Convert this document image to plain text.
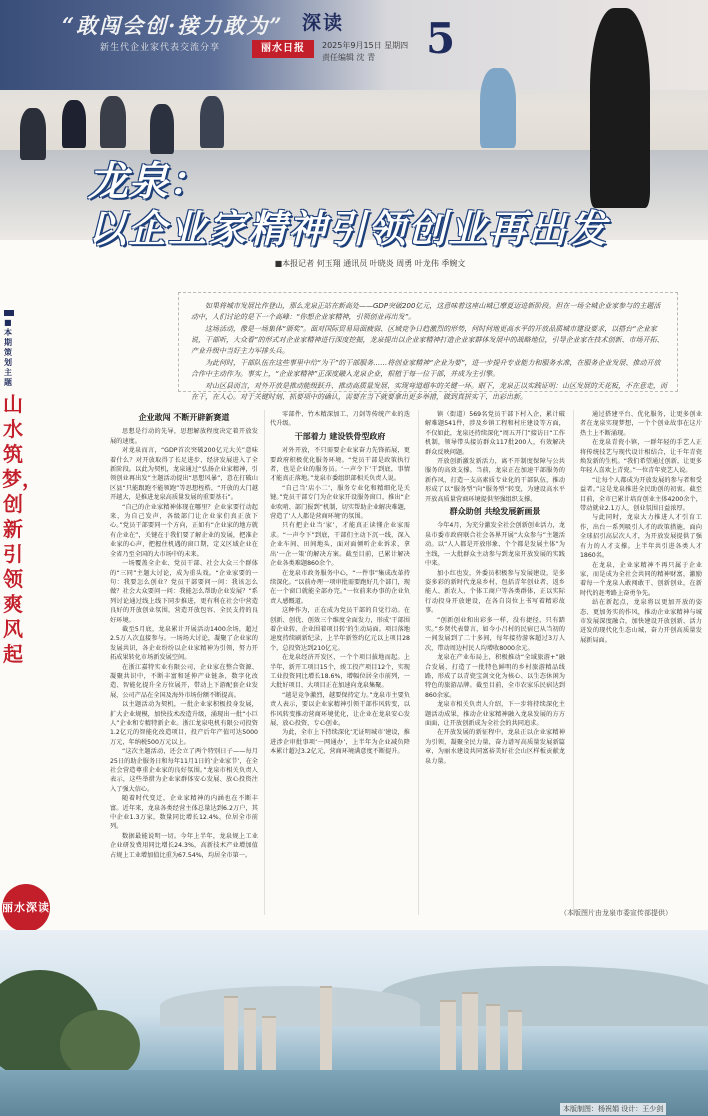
“敢闯会创·接力敢为”
新生代企业家代表交流分享
深读
丽水日报	2025年9月15日 星期四
责任编辑 沈 青 5
龙泉：
以企业家精神引领创业再出发
■本报记者 何玉翔 通讯员 叶晓炎 周勇 叶龙伟 季婉文

如果将城市发展比作登山，那么龙泉正站在新高处——GDP突破200亿元，这意味着这座山城已摩夏迈进新阶段。但在一场全城企业家参与的主题活动中，人们讨论的是下一个高峰：“你想企业家精神，引领创业再出发”。

这场活动，像是一场集体“颁奖”。面对国际贸易局面疲弱、区域竞争日趋激烈的形势，何时何地更高水平的开放品质城市建设要求，以搭台“企业家说，干部听，大众看”的形式对企业家精神进行深度挖掘，龙泉提出以企业家精神打造企业家群体发展中的战略地位，引导企业家在技术创新、市场开拓、产业升级中当好主力军排头兵。

为此何时，干部队伍在这些事里中给“为干”的干部服务……将创业家精神“企业为要”，进一步提升专业能力和服务水准，在服务企业发展、推动开放合作中主动作为。事实上，“企业家精神”正深度融入龙泉企业，根植于每一位干部，并成为主引擎。

对山区县而言，对外开放是推动能级跃升、推动高质量发展、实现弯道超车的关键一环。眼下，龙泉正以实践证明：山区发展的天花板，不在意走，而在干，在人心。对于关键时刻、抓要项中的确认，需要在当下就要拿出更多举措，做到真拼实干、出彩出新。

■本期策划主题
山水筑梦，创新引领爽风起
丽水深读

企业敢闯 不断开辟新赛道

思想是行动的先导，思想解放程度决定着开放发展的速度。

对龙泉而言，“GDP首次突破200亿元大关”意味着什么？对开放取得了长足进步，经济发展进入了全新阶段。以此为契机，龙泉通过“弘扬企业家精神，引领创业再出发”主题活动提出“思想风暴”，意在打破山区县“只能跟跑不能领跑”等思想桎梏，“开放的大门越开越大，是推进龙泉高质量发展的重要基石”。

“自己的企业家精神体现在哪里？企业家要行动起来，为自己发声，各级部门让企业家们真正放下心。”党员干部要同一个方向，正如有“企业家的地方就有企业在”，关键在于我们要了解企业的发展，把准企业家的心声，把握住机遇的窗口期，定义区域企业在全省乃至全国的大市场中的未来。

一场覆盖全企业、党员干部、社会大众三个群体的“三同”主题大讨论，成为重头戏。“企业家要的一句：我要怎么创业？党员干部要问一问：我该怎么做？社会大众要问一问：我能怎么帮助企业发展？”系列讨论通过线上线下同步推进，更有利在社会中营造良好的开放创业氛围，营造开放包容、全民支持的良好环境。

截至5月底，龙泉累计开展活动1400余场，超过2.5万人次直接参与。一场场大讨论，凝聚了企业家的发展共识，各企业纷纷以企业家精神为引领，努力开拓成果转化市场新发展空间。

在浙江嘉特实业有限公司，企业家在整合资源、凝聚共识中，不断丰富和延伸产业链条，数字化改造、智能化提升全方位展开，带动上下游配套企业发展，公司产品在全国及海外市场份额不断提高。

以主题活动为契机，一批企业家积极投身发展，扩大企业规模，加快技术改造升级，涌现出一批“小巨人”企业和专精特新企业。浙江龙泉电机有限公司投资1.2亿元的智能化改造项目，投产后年产值可达5000万元，年纳税500万元以上。

“这次主题活动，还会立了两个特别日子——每月25日的助企服务日和每年11月1日的‘企业家节’，在全社会营造尊重企业家的良好氛围。”龙泉市相关负责人表示，这些举措为企业家群体安心发展、放心投资注入了强大信心。

随着时代变迁，企业家精神的内涵也在不断丰富。近年来，龙泉各类经营主体总量达到6.2万户，其中企业1.3万家，数量同比增长12.4%，位居全市前列。

数据最能说明一切。今年上半年，龙泉规上工业企业研发费用同比增长24.3%，高新技术产业增加值占规上工业增加值比重为67.54%，均居全市第一。

零部件、竹木精深加工、刀剑等传统产业的迭代升级。

干部着力 建设铁骨型政府

对外开放，不只需要企业家奋力先锋拓展，更要政府积极优化服务环境。“党员干部是政策执行者，也是企业的服务员。‘一声令下’干到底，事情才能真正落地。”龙泉市委组织部相关负责人说。

“自己当‘店小二’，服务专业化和精细化是关键。”党员干部专门为企业家开设服务窗口，推出“企业吹哨、部门报到”机制，切实帮助企业解决难题，营造了‘人人都是营商环境’的氛围。

只有把企业当‘家’，才能真正读懂企业家需求。“一声令下”到底，干部们主动下沉一线，深入企业车间、田间地头，面对面倾听企业诉求，拿出‘一企一策’的解决方案。截至目前，已累计解决企业各类难题860余个。

在龙泉市政务服务中心，“一件事”集成改革持续深化。“以前办理一项审批需要跑好几个部门，现在一个窗口就能全部办完。”一位前来办事的企业负责人感慨道。

这种作为，正在成为党员干部的自觉行动。在创新、创优、创效三个维度全面发力，形成‘干部围着企业转、企业围着项目转’的生动局面。项目落地速度持续刷新纪录，上半年新签约亿元以上项目28个，总投资达到210亿元。

在龙泉经济开发区，一个个项目拔地而起。上半年，新开工项目15个，竣工投产项目12个，实现工业投资同比增长18.6%，增幅位居全市前列，一大批好项目、大项目正在加速向龙泉集聚。

“越是竞争激烈，越要保持定力。”龙泉市主要负责人表示，要以企业家精神引领干部作风转变，以作风转变推动营商环境优化，让企业在龙泉安心发展、放心投资、专心创业。

为此，全市上下持续深化‘无证明城市’建设，推进涉企审批事项‘一网通办’，上半年为企业减负降本累计超过3.2亿元，营商环境满意度不断提升。

镇（街道）569名党员干部下村入企，累计破解难题541件，涉及乡镇工程和村庄建设等方面，不仅如此，龙泉还持续深化“周五开门”接访日“工作机制，领导带头接访群众117批200人，有效解决群众反映问题。

开放创新激发新活力，离不开制度保障与公共服务的高效支撑。当前，龙泉正在加速干部服务的新作风，打造一支高素质专业化的干部队伍，推动形成了以“服务型”向“服务型”转变，为建设高水平开放高质量营商环境提供坚强组织支撑。

群众助创 共绘发展新画景

今年4月，为充分激发全社会创新创业活力，龙泉市委市政府联合社会各界开展“大众参与”主题活动。以“人人都是开放形象、个个都是发展主体”为主线，一大批群众主动参与到龙泉开放发展的实践中来。

加小红也发，外委员积极参与发展建设，是多姿多彩的新时代龙泉乡村，包括青年创业者、返乡能人、新农人、个体工商户等各类群体，正以实际行动投身开放建设，在各自岗位上书写着精彩故事。

“创新创业和出彩多一样，没有捷径，只有踏实。”乡贤代表曾言，如今小吕村的民宿已从当初的一间发展到了二十多间，每年接待游客超过3万人次，带动周边村民人均增收8000余元。

龙泉在产业布局上，积极推动“全域旅游+”融合发展，打造了一批特色鲜明的乡村旅游精品线路，形成了以青瓷宝剑文化为核心、以生态休闲为特色的旅游品牌。截至目前，全市农家乐民宿达到860余家。

龙泉市相关负责人介绍，下一步将持续深化主题活动成果，推动企业家精神融入龙泉发展的方方面面，让开放创新成为全社会的共同追求。

在开放发展的新征程中，龙泉正以企业家精神为引领，凝聚全民力量，奋力谱写高质量发展新篇章，为丽水建设共同富裕美好社会山区样板贡献龙泉力量。

通过搭建平台、优化服务，让更多创业者在龙泉实现梦想，一个个创业故事在这片热土上不断涌现。

在龙泉青瓷小镇，一群年轻的手艺人正将传统技艺与现代设计相结合，让千年青瓷焕发新的生机。“我们希望通过创新，让更多年轻人喜欢上青瓷。”一位青年瓷艺人说。

“让每个人都成为开放发展的参与者和受益者。”这是龙泉推进全民助创的初衷。截至目前，全市已累计培育创业主体4200余个，带动就业2.1万人，创业氛围日益浓厚。

与此同时，龙泉大力推进人才引育工作，出台一系列吸引人才的政策措施，面向全球招引高层次人才，为开放发展提供了强有力的人才支撑。上半年共引进各类人才1860名。

在龙泉，企业家精神不再只属于企业家，而是成为全社会共同的精神财富，激励着每一个龙泉人敢闯敢干、创新创业，在新时代的赶考路上奋勇争先。

站在新起点，龙泉将以更加开放的姿态、更加务实的作风，推动企业家精神与城市发展深度融合，加快建设开放创新、活力迸发的现代化生态山城，奋力开创高质量发展新局面。

（本版图片由龙泉市委宣传部提供）
本版制图：杨祝娟 设计：王少剑
